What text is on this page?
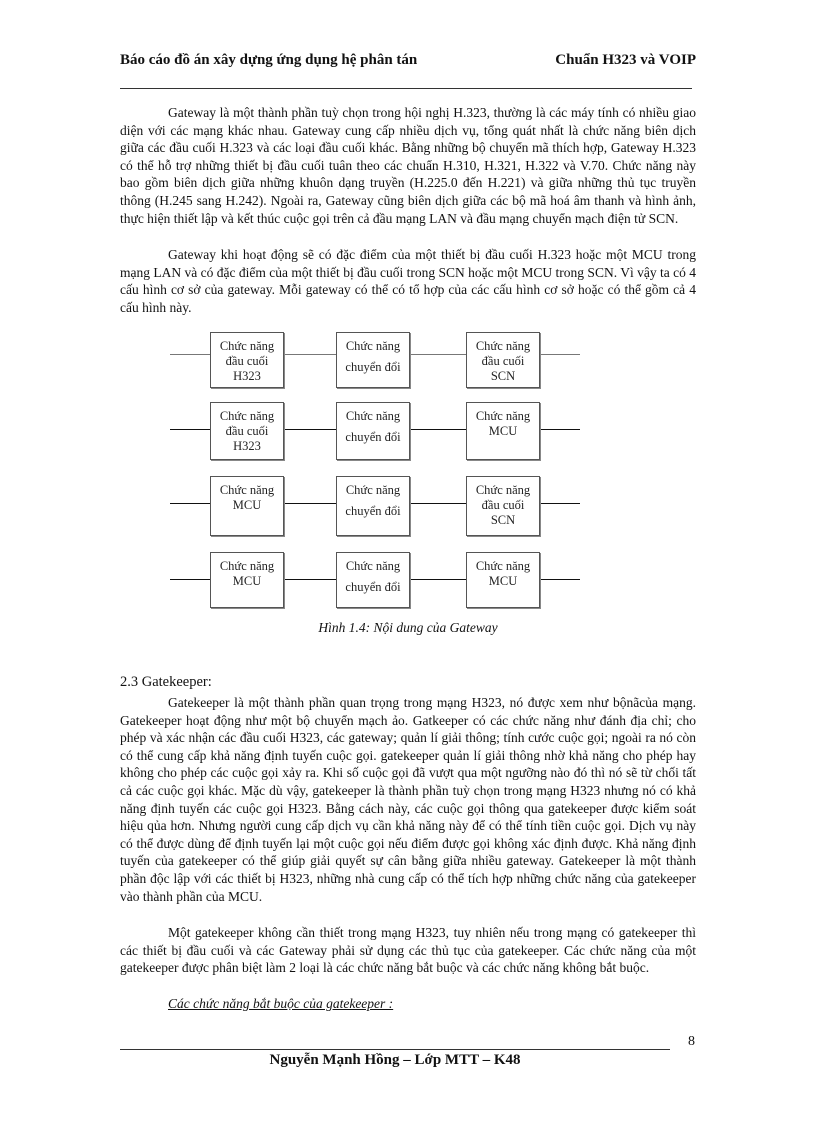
Báo cáo đồ án xây dựng ứng dụng hệ phân tán	Chuẩn H323 và VOIP

Gateway là một thành phần tuỳ chọn trong hội nghị H.323, thường là các máy tính có nhiều giao diện với các mạng khác nhau. Gateway cung cấp nhiều dịch vụ, tổng quát nhất là chức năng biên dịch giữa các đầu cuối H.323 và các loại đầu cuối khác. Bằng những bộ chuyển mã thích hợp, Gateway H.323 có thể hỗ trợ những thiết bị đầu cuối tuân theo các chuẩn H.310, H.321, H.322 và V.70. Chức năng này bao gồm biên dịch giữa những khuôn dạng truyền (H.225.0 đến H.221) và giữa những thủ tục truyền thông (H.245 sang H.242). Ngoài ra, Gateway cũng biên dịch giữa các bộ mã hoá âm thanh và hình ảnh, thực hiện thiết lập và kết thúc cuộc gọi trên cả đầu mạng LAN và đầu mạng chuyển mạch điện tử SCN.

Gateway khi hoạt động sẽ có đặc điểm của một thiết bị đầu cuối H.323 hoặc một MCU trong mạng LAN và có đặc điểm của một thiết bị đầu cuối trong SCN hoặc một MCU trong SCN. Vì vậy ta có 4 cấu hình cơ sở của gateway. Mỗi gateway có thể có tổ hợp của các cấu hình cơ sở hoặc có thể gồm cả 4 cấu hình này.

Chức năng
đầu cuối
H323
Chức năng
chuyển đổi
Chức năng
đầu cuối
SCN
Chức năng
đầu cuối
H323
Chức năng
chuyển đổi
Chức năng
MCU
Chức năng
MCU
Chức năng
chuyển đổi
Chức năng
đầu cuối
SCN
Chức năng
MCU
Chức năng
chuyển đổi
Chức năng
MCU
Hình 1.4: Nội dung của Gateway
2.3 Gatekeeper:

Gatekeeper là một thành phần quan trọng trong mạng H323, nó được xem như bộnãcủa mạng. Gatekeeper hoạt động như một bộ chuyển mạch ảo. Gatkeeper có các chức năng như đánh địa chỉ; cho phép và xác nhận các đầu cuối H323, các gateway; quản lí giải thông; tính cước cuộc gọi; ngoài ra nó còn có thể cung cấp khả năng định tuyến cuộc gọi. gatekeeper quản lí giải thông nhờ khả năng cho phép hay không cho phép các cuộc gọi xảy ra. Khi số cuộc gọi đã vượt qua một ngưỡng nào đó thì nó sẽ từ chối tất cả các cuộc gọi khác. Mặc dù vậy, gatekeeper là thành phần tuỳ chọn trong mạng H323 nhưng nó có khả năng định tuyến các cuộc gọi H323. Bằng cách này, các cuộc gọi thông qua gatekeeper được kiểm soát hiệu qủa hơn. Nhưng người cung cấp dịch vụ cần khả năng này để có thể tính tiền cuộc gọi. Dịch vụ này có thể được dùng để định tuyến lại một cuộc gọi nếu điểm được gọi không xác định được. Khả năng định tuyến của gatekeeper có thể giúp giải quyết sự cân bằng giữa nhiều gateway. Gatekeeper là một thành phần độc lập với các thiết bị H323, những nhà cung cấp có thể tích hợp những chức năng của gatekeeper vào thành phần của MCU.

Một gatekeeper không cần thiết trong mạng H323, tuy nhiên nếu trong mạng có gatekeeper thì các thiết bị đầu cuối và các Gateway phải sử dụng các thủ tục của gatekeeper. Các chức năng của một gatekeeper được phân biệt làm 2 loại là các chức năng bắt buộc và các chức năng không bắt buộc.

Các chức năng bắt buộc của gatekeeper :
8
Nguyễn Mạnh Hồng – Lớp MTT – K48
